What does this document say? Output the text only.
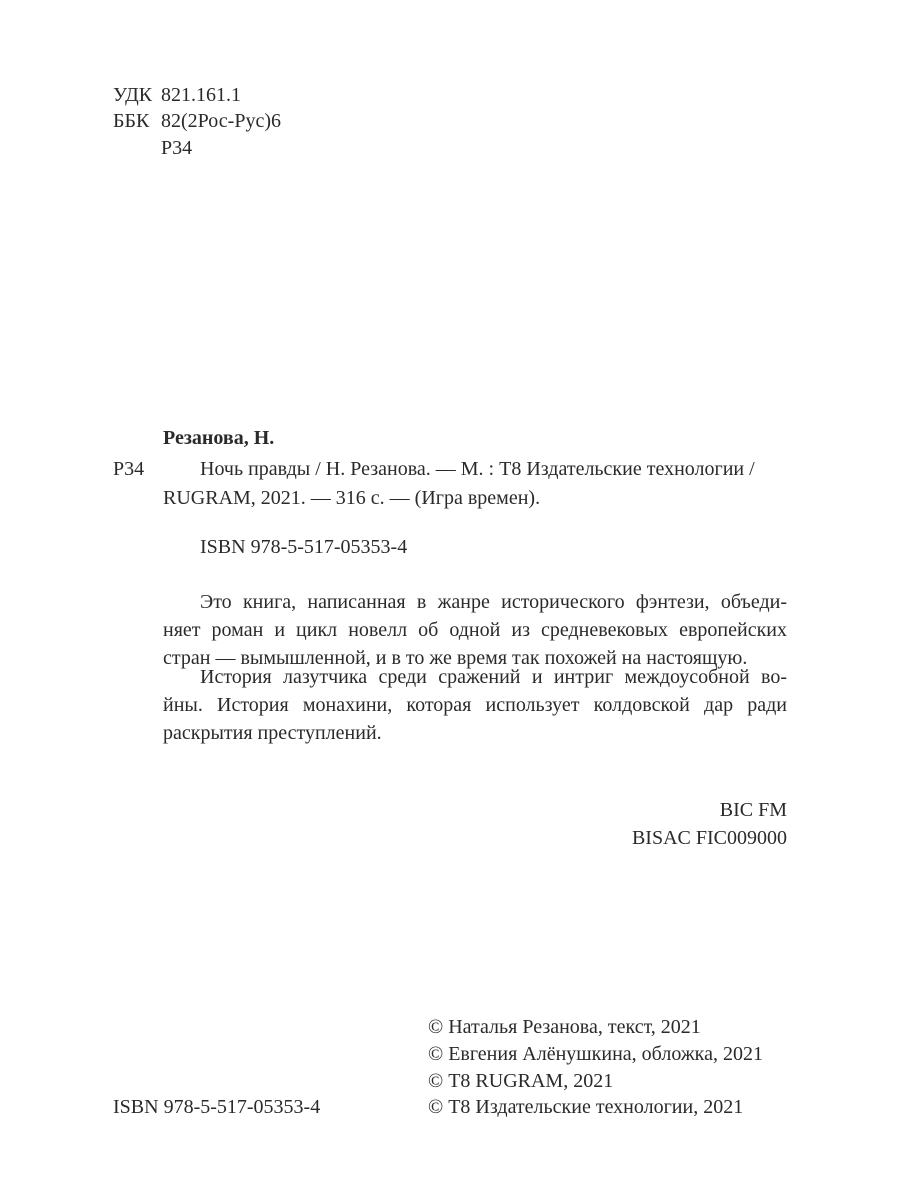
УДК 821.161.1
ББК 82(2Рос-Рус)6
Р34
Резанова, Н.
Р34	Ночь правды / Н. Резанова. — М. : Т8 Издательские технологии /
RUGRAM, 2021. — 316 с. — (Игра времен).
ISBN 978-5-517-05353-4
Это книга, написанная в жанре исторического фэнтези, объеди-
няет роман и цикл новелл об одной из средневековых европейских
стран — вымышленной, и в то же время так похожей на настоящую.
История лазутчика среди сражений и интриг междоусобной во-
йны. История монахини, которая использует колдовской дар ради
раскрытия преступлений.
BIC FM
BISAC FIC009000
ISBN 978-5-517-05353-4
© Наталья Резанова, текст, 2021
© Евгения Алёнушкина, обложка, 2021
© Т8 RUGRAM, 2021
© Т8 Издательские технологии, 2021
